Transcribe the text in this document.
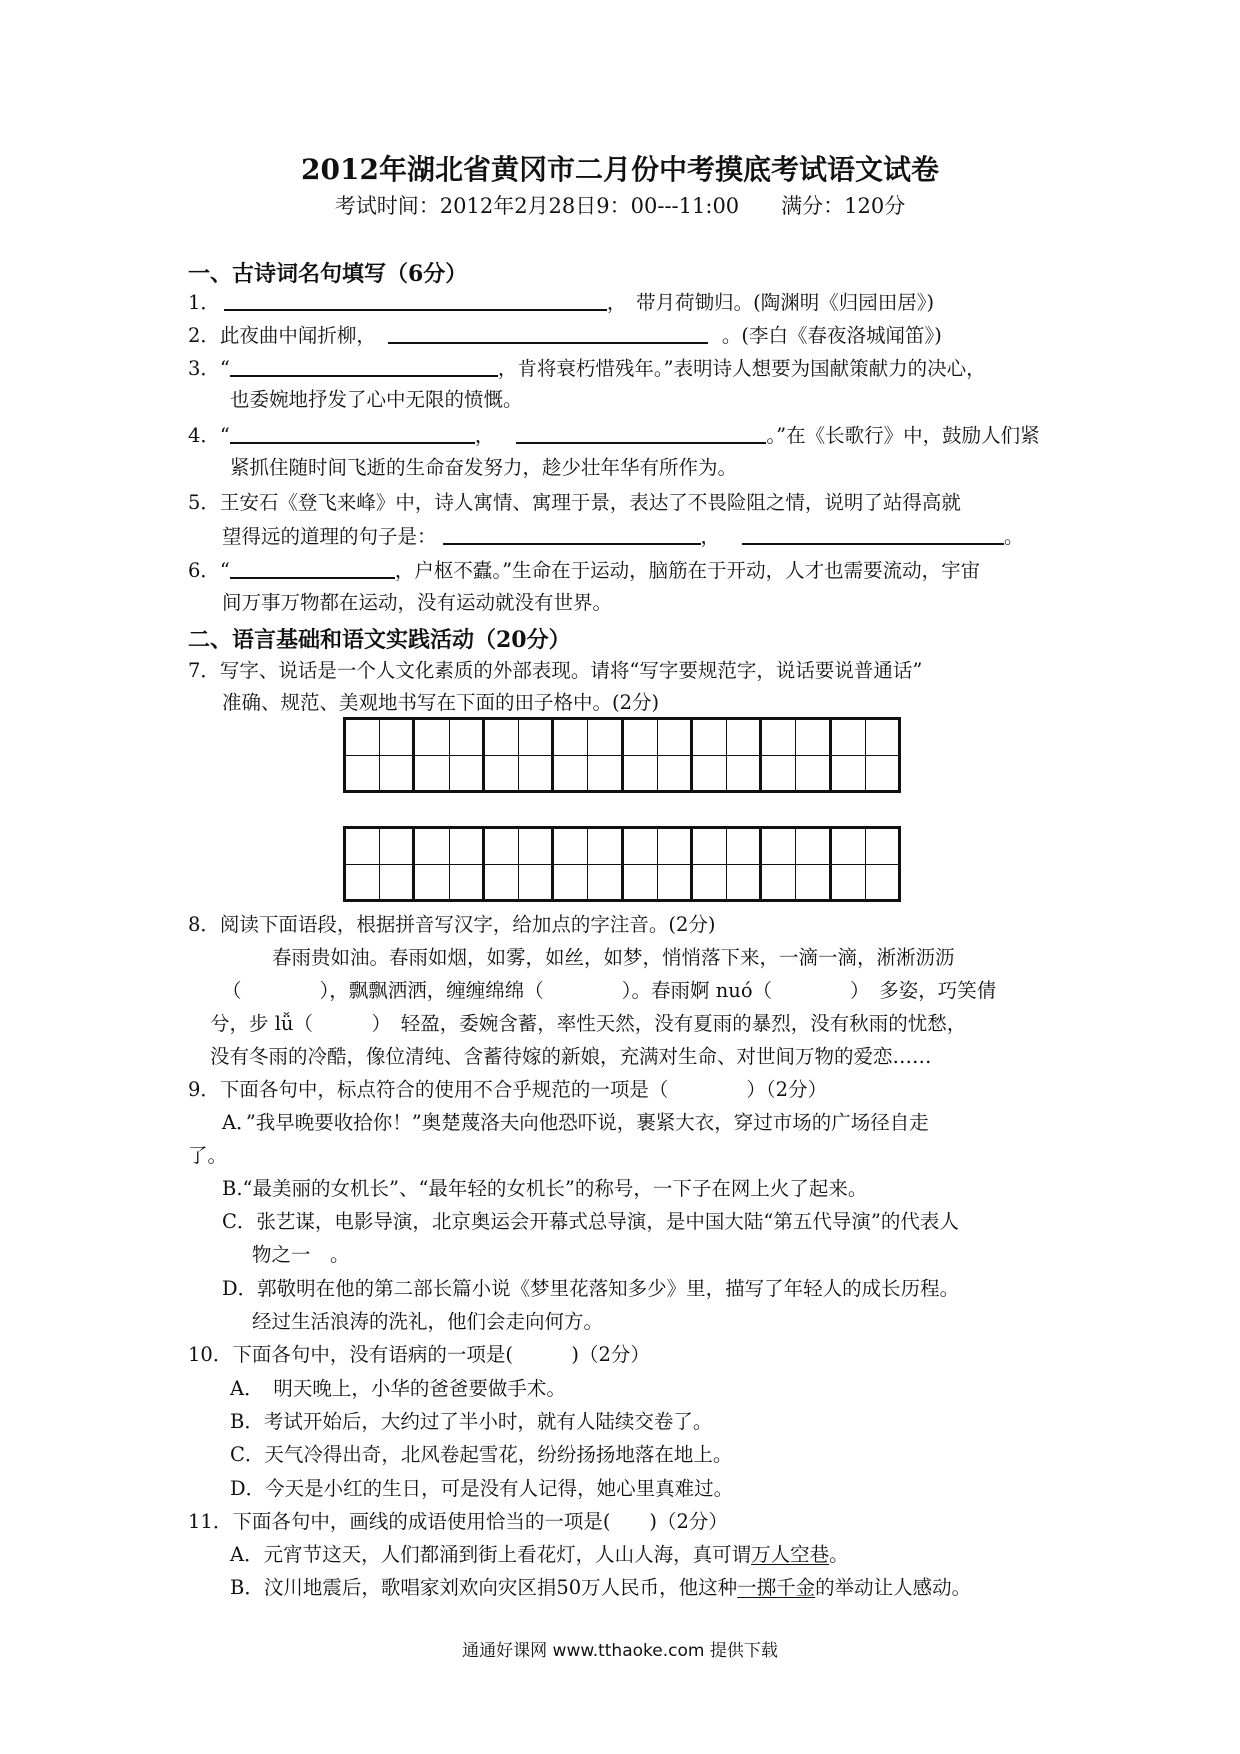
2012年湖北省黄冈市二月份中考摸底考试语文试卷
考试时间：2012年2月28日9：00---11:00　　满分：120分
一、古诗词名句填写（6分）
1．	，　带月荷锄归。(陶渊明《归园田居》)
2．此夜曲中闻折柳，	。(李白《春夜洛城闻笛》)
3．“	，肯将衰朽惜残年。”表明诗人想要为国献策献力的决心，
也委婉地抒发了心中无限的愤慨。
4．“	，	。”在《长歌行》中，鼓励人们紧
紧抓住随时间飞逝的生命奋发努力，趁少壮年华有所作为。
5．王安石《登飞来峰》中，诗人寓情、寓理于景，表达了不畏险阻之情，说明了站得高就
望得远的道理的句子是：	，	。
6．“	，户枢不蠹。”生命在于运动，脑筋在于开动，人才也需要流动，宇宙
间万事万物都在运动，没有运动就没有世界。
二、语言基础和语文实践活动（20分）
7．写字、说话是一个人文化素质的外部表现。请将“写字要规范字，说话要说普通话”
准确、规范、美观地书写在下面的田子格中。(2分)
8．阅读下面语段，根据拼音写汉字，给加点的字注音。(2分)
春雨贵如油。春雨如烟，如雾，如丝，如梦，悄悄落下来，一滴一滴，淅淅沥沥
（　　　　），飘飘洒洒，缠缠绵绵（　　　　）。春雨婀 nuó（　　　　）　多姿，巧笑倩
兮，步 lǚ（　　　）　轻盈，委婉含蓄，率性天然，没有夏雨的暴烈，没有秋雨的忧愁，
没有冬雨的冷酷，像位清纯、含蓄待嫁的新娘，充满对生命、对世间万物的爱恋……
9．下面各句中，标点符合的使用不合乎规范的一项是（　　　　）（2分）
A．”我早晚要收拾你！”奥楚蔑洛夫向他恐吓说，裹紧大衣，穿过市场的广场径自走
了。
B.“最美丽的女机长”、“最年轻的女机长”的称号，一下子在网上火了起来。
C．张艺谋，电影导演，北京奥运会开幕式总导演，是中国大陆“第五代导演”的代表人
物之一　。
D．郭敬明在他的第二部长篇小说《梦里花落知多少》里，描写了年轻人的成长历程。
经过生活浪涛的洗礼，他们会走向何方。
10．下面各句中，没有语病的一项是(　　　)（2分）
A．　明天晚上，小华的爸爸要做手术。
B．考试开始后，大约过了半小时，就有人陆续交卷了。
C．天气冷得出奇，北风卷起雪花，纷纷扬扬地落在地上。
D．今天是小红的生日，可是没有人记得，她心里真难过。
11．下面各句中，画线的成语使用恰当的一项是(　　)（2分）
A．元宵节这天，人们都涌到街上看花灯，人山人海，真可谓万人空巷。
B．汶川地震后，歌唱家刘欢向灾区捐50万人民币，他这种一掷千金的举动让人感动。
通通好课网 www.tthaoke.com 提供下载
